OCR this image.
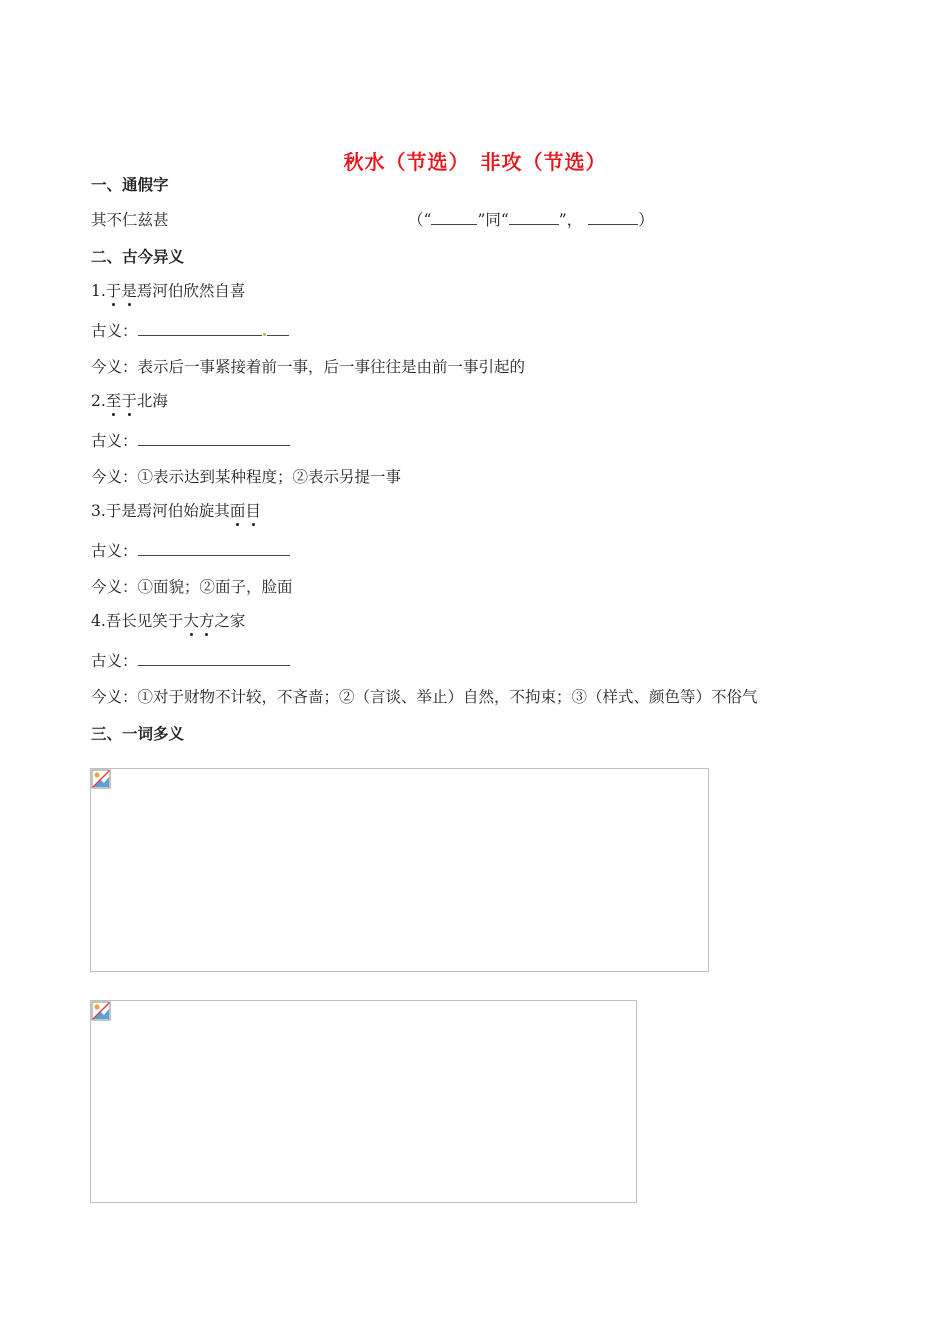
秋水（节选）　非攻（节选）
一、通假字
其不仁兹甚	（“	”同“	”，	）
二、古今异义
1.于是焉河伯欣然自喜
古义：
今义：表示后一事紧接着前一事，后一事往往是由前一事引起的
2.至于北海
古义：
今义：①表示达到某种程度；②表示另提一事
3.于是焉河伯始旋其面目
古义：
今义：①面貌；②面子，脸面
4.吾长见笑于大方之家
古义：
今义：①对于财物不计较，不吝啬；②（言谈、举止）自然，不拘束；③（样式、颜色等）不俗气
三、一词多义
